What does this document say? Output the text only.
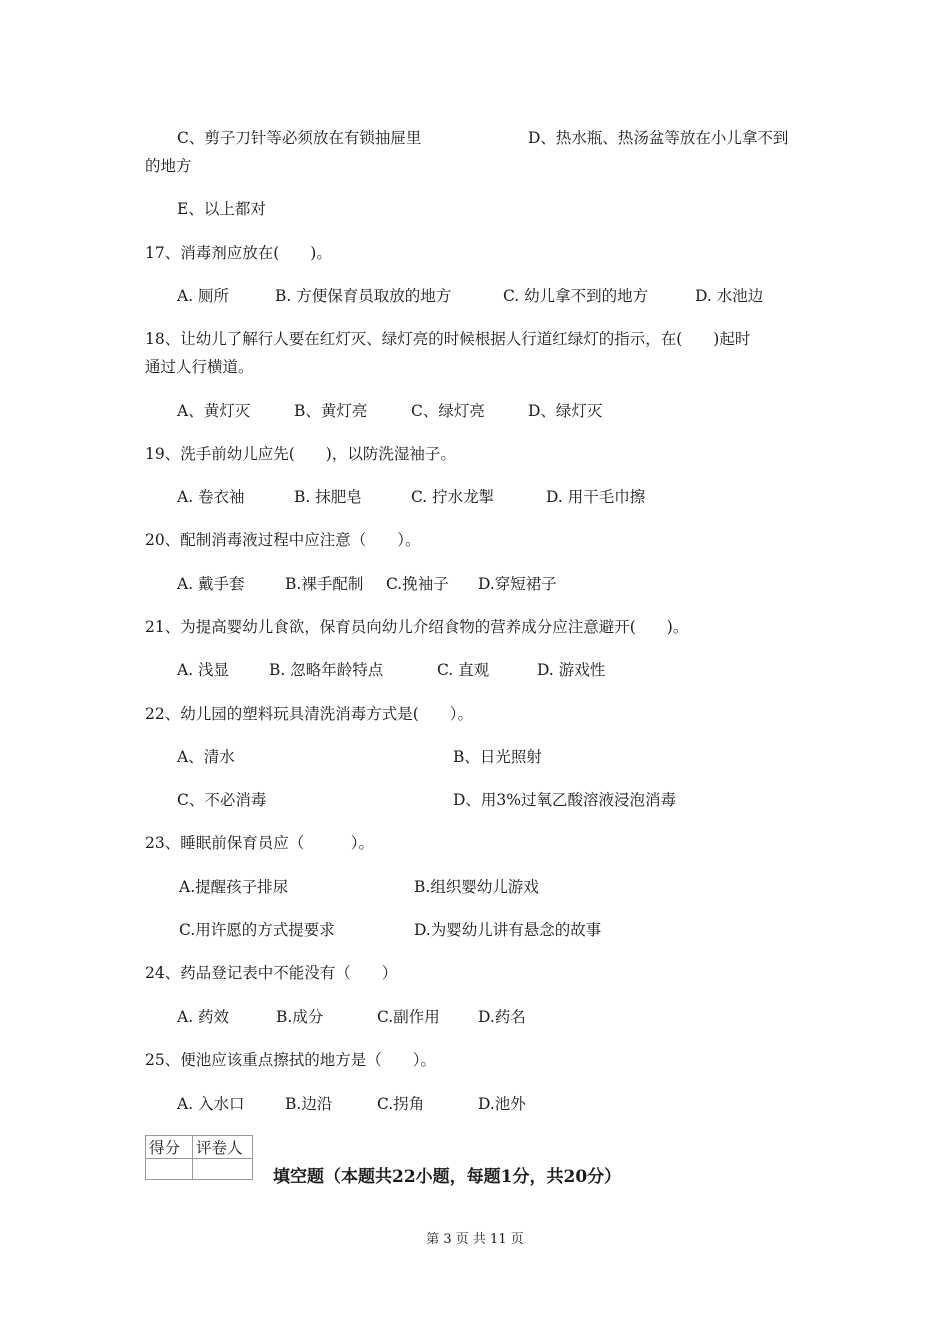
C、剪子刀针等必须放在有锁抽屉里	D、热水瓶、热汤盆等放在小儿拿不到
的地方
E、以上都对
17、消毒剂应放在(　　)。
A. 厕所	B. 方便保育员取放的地方	C. 幼儿拿不到的地方	D. 水池边
18、让幼儿了解行人要在红灯灭、绿灯亮的时候根据人行道红绿灯的指示，在(　　)起时
通过人行横道。
A、黄灯灭	B、黄灯亮	C、绿灯亮	D、绿灯灭
19、洗手前幼儿应先(　　)，以防洗湿袖子。
A. 卷衣袖	B. 抹肥皂	C. 拧水龙掣	D. 用干毛巾擦
20、配制消毒液过程中应注意（　　）。
A. 戴手套	B.裸手配制 C.挽袖子 D.穿短裙子
21、为提高婴幼儿食欲，保育员向幼儿介绍食物的营养成分应注意避开(　　)。
A. 浅显	B. 忽略年龄特点	C. 直观	D. 游戏性
22、幼儿园的塑料玩具清洗消毒方式是(　　）。
A、清水	B、日光照射
C、不必消毒	D、用3%过氧乙酸溶液浸泡消毒
23、睡眠前保育员应（　　　）。
A.提醒孩子排尿	B.组织婴幼儿游戏
C.用许愿的方式提要求	D.为婴幼儿讲有悬念的故事
24、药品登记表中不能没有（　　）
A. 药效	B.成分	C.副作用 D.药名
25、便池应该重点擦拭的地方是（　　）。
A. 入水口	B.边沿	C.拐角	D.池外
得分	评卷人

填空题（本题共22小题，每题1分，共20分）
第 3 页 共 11 页
